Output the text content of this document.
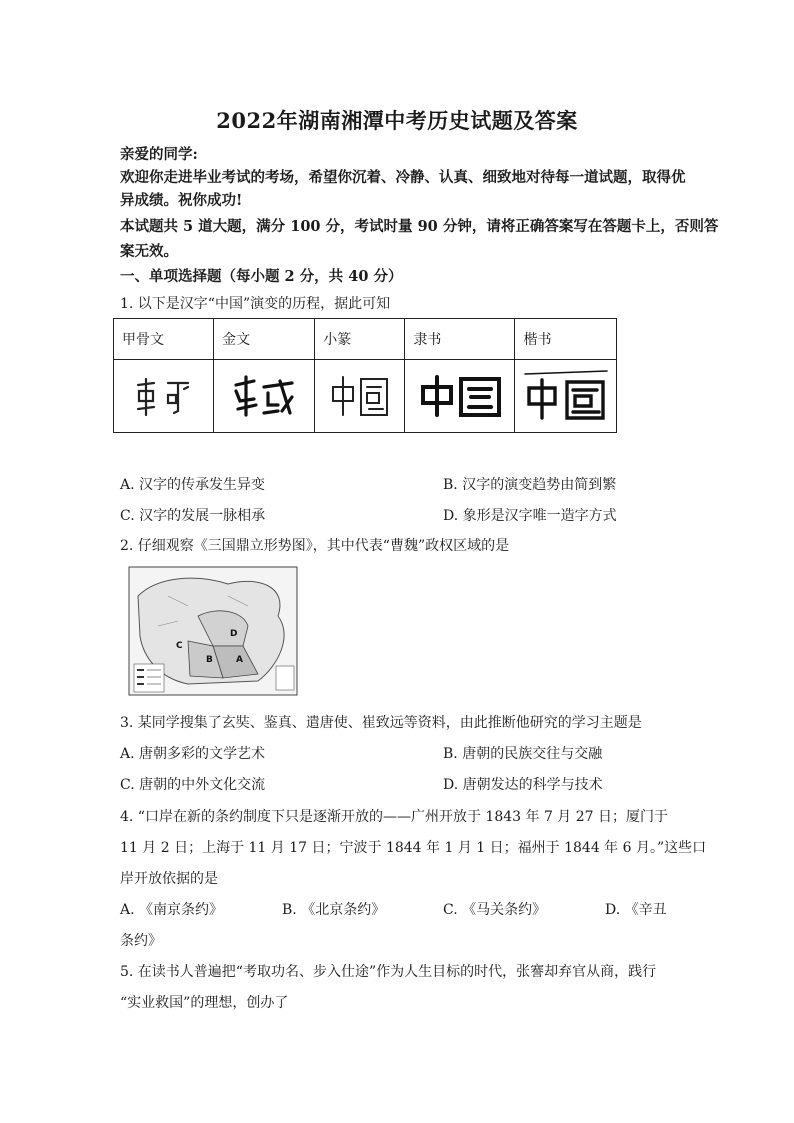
2022年湖南湘潭中考历史试题及答案
亲爱的同学:
欢迎你走进毕业考试的考场，希望你沉着、冷静、认真、细致地对待每一道试题，取得优
异成绩。祝你成功!
本试题共 5 道大题，满分 100 分，考试时量 90 分钟，请将正确答案写在答题卡上，否则答
案无效。
一、单项选择题（每小题 2 分，共 40 分）
1. 以下是汉字“中国”演变的历程，据此可知
甲骨文	金文	小篆	隶书	楷书

A. 汉字的传承发生异变	B. 汉字的演变趋势由简到繁
C. 汉字的发展一脉相承	D. 象形是汉字唯一造字方式
2. 仔细观察《三国鼎立形势图》，其中代表“曹魏”政权区域的是
A
B
C
D
3. 某同学搜集了玄奘、鉴真、遣唐使、崔致远等资料，由此推断他研究的学习主题是
A. 唐朝多彩的文学艺术	B. 唐朝的民族交往与交融
C. 唐朝的中外文化交流	D. 唐朝发达的科学与技术
4. “口岸在新的条约制度下只是逐渐开放的——广州开放于 1843 年 7 月 27 日；厦门于
11 月 2 日；上海于 11 月 17 日；宁波于 1844 年 1 月 1 日；福州于 1844 年 6 月。”这些口
岸开放依据的是
A. 《南京条约》	B. 《北京条约》	C. 《马关条约》	D. 《辛丑
条约》
5. 在读书人普遍把“考取功名、步入仕途”作为人生目标的时代，张謇却弃官从商，践行
“实业救国”的理想，创办了
